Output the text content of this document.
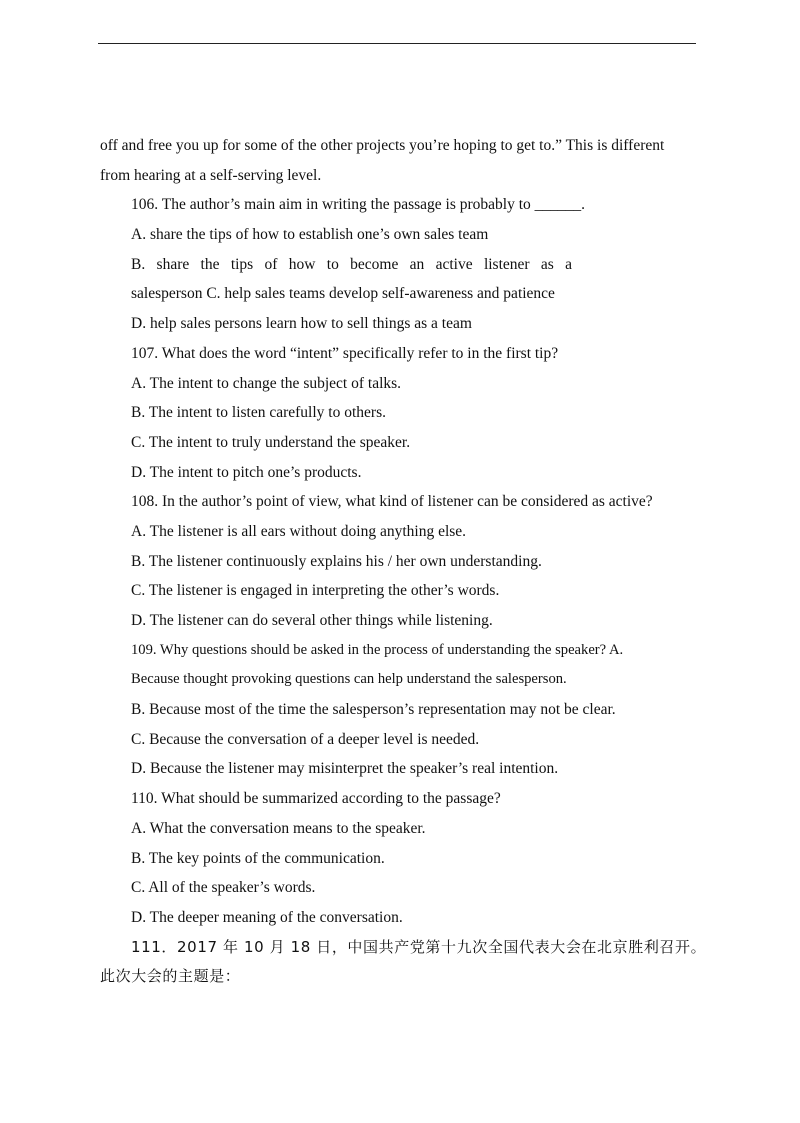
off and free you up for some of the other projects you’re hoping to get to.” This is different
from hearing at a self-serving level.
106. The author’s main aim in writing the passage is probably to ______.
A. share the tips of how to establish one’s own sales team
B. share the tips of how to become an active listener as a
salesperson C. help sales teams develop self-awareness and patience
D. help sales persons learn how to sell things as a team
107. What does the word “intent” specifically refer to in the first tip?
A. The intent to change the subject of talks.
B. The intent to listen carefully to others.
C. The intent to truly understand the speaker.
D. The intent to pitch one’s products.
108. In the author’s point of view, what kind of listener can be considered as active?
A. The listener is all ears without doing anything else.
B. The listener continuously explains his / her own understanding.
C. The listener is engaged in interpreting the other’s words.
D. The listener can do several other things while listening.
109. Why questions should be asked in the process of understanding the speaker? A.
Because thought provoking questions can help understand the salesperson.
B. Because most of the time the salesperson’s representation may not be clear.
C. Because the conversation of a deeper level is needed.
D. Because the listener may misinterpret the speaker’s real intention.
110. What should be summarized according to the passage?
A. What the conversation means to the speaker.
B. The key points of the communication.
C. All of the speaker’s words.
D. The deeper meaning of the conversation.
111．2017 年 10 月 18 日，中国共产党第十九次全国代表大会在北京胜利召开。
此次大会的主题是：
